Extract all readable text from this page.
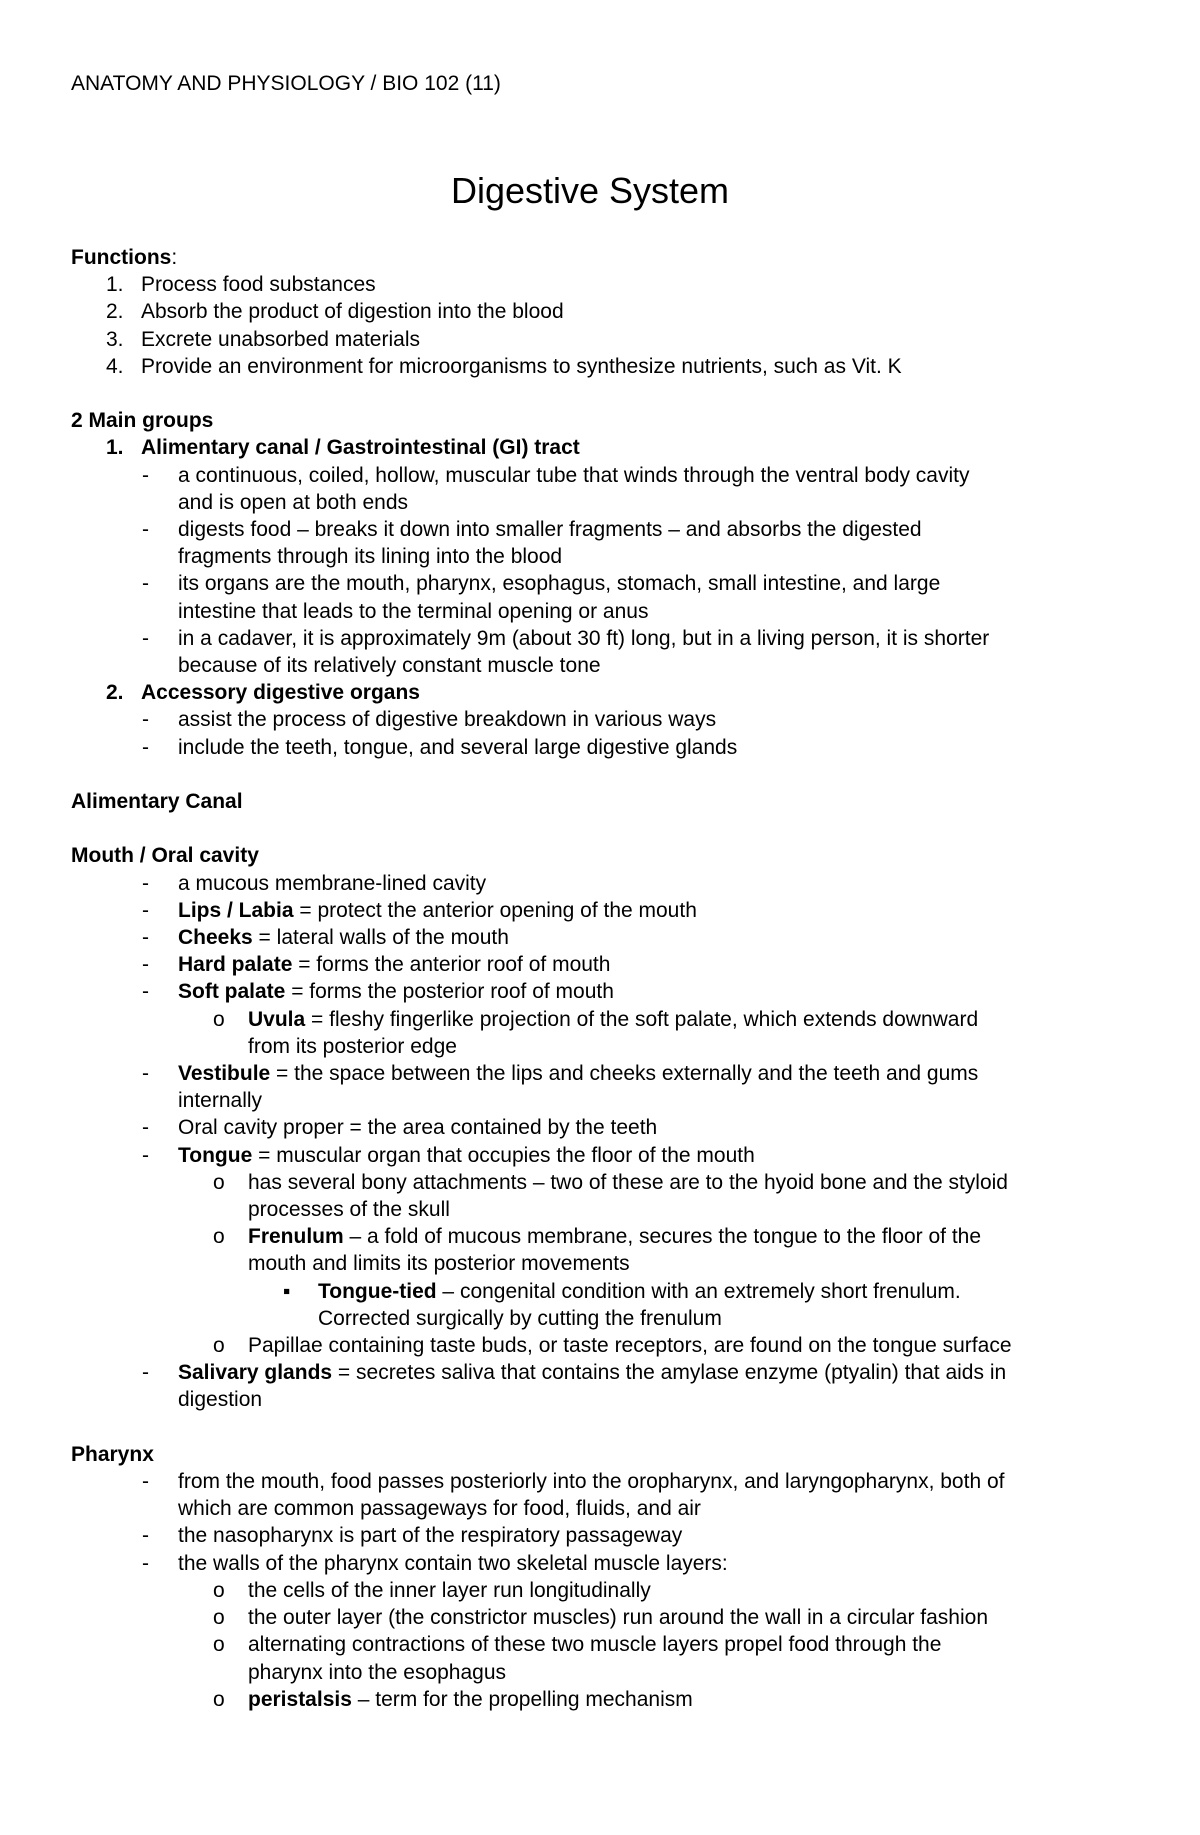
ANATOMY AND PHYSIOLOGY / BIO 102 (11)
Digestive System
Functions:
1. Process food substances
2. Absorb the product of digestion into the blood
3. Excrete unabsorbed materials
4. Provide an environment for microorganisms to synthesize nutrients, such as Vit. K
2 Main groups
1. Alimentary canal / Gastrointestinal (GI) tract
- a continuous, coiled, hollow, muscular tube that winds through the ventral body cavity
and is open at both ends
- digests food – breaks it down into smaller fragments – and absorbs the digested
fragments through its lining into the blood
- its organs are the mouth, pharynx, esophagus, stomach, small intestine, and large
intestine that leads to the terminal opening or anus
- in a cadaver, it is approximately 9m (about 30 ft) long, but in a living person, it is shorter
because of its relatively constant muscle tone
2. Accessory digestive organs
- assist the process of digestive breakdown in various ways
- include the teeth, tongue, and several large digestive glands
Alimentary Canal
Mouth / Oral cavity
- a mucous membrane-lined cavity
- Lips / Labia = protect the anterior opening of the mouth
- Cheeks = lateral walls of the mouth
- Hard palate = forms the anterior roof of mouth
- Soft palate = forms the posterior roof of mouth
o Uvula = fleshy fingerlike projection of the soft palate, which extends downward
from its posterior edge
- Vestibule = the space between the lips and cheeks externally and the teeth and gums
internally
- Oral cavity proper = the area contained by the teeth
- Tongue = muscular organ that occupies the floor of the mouth
o has several bony attachments – two of these are to the hyoid bone and the styloid
processes of the skull
o Frenulum – a fold of mucous membrane, secures the tongue to the floor of the
mouth and limits its posterior movements
▪ Tongue-tied – congenital condition with an extremely short frenulum.
Corrected surgically by cutting the frenulum
o Papillae containing taste buds, or taste receptors, are found on the tongue surface
- Salivary glands = secretes saliva that contains the amylase enzyme (ptyalin) that aids in
digestion
Pharynx
- from the mouth, food passes posteriorly into the oropharynx, and laryngopharynx, both of
which are common passageways for food, fluids, and air
- the nasopharynx is part of the respiratory passageway
- the walls of the pharynx contain two skeletal muscle layers:
o the cells of the inner layer run longitudinally
o the outer layer (the constrictor muscles) run around the wall in a circular fashion
o alternating contractions of these two muscle layers propel food through the
pharynx into the esophagus
o peristalsis – term for the propelling mechanism
